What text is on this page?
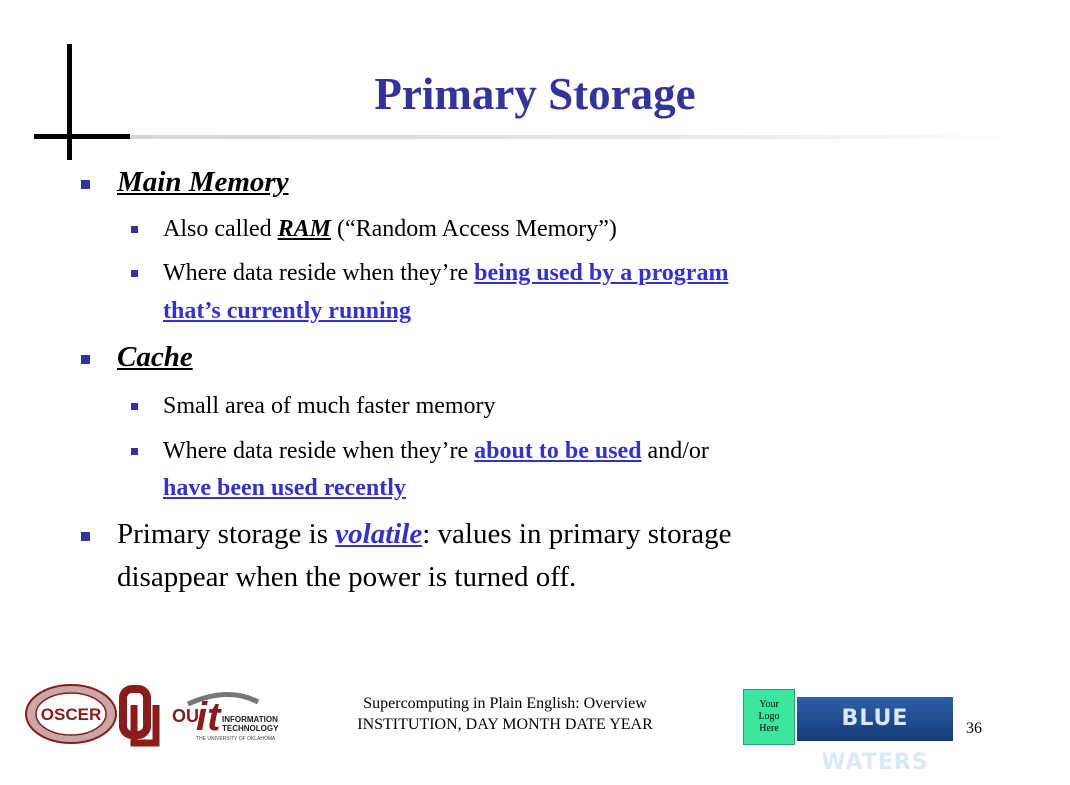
Primary Storage
Main Memory
Also called RAM (“Random Access Memory”)
Where data reside when they’re being used by a program
that’s currently running
Cache
Small area of much faster memory
Where data reside when they’re about to be used and/or
have been used recently
Primary storage is volatile: values in primary storage
disappear when the power is turned off.
OSCER	OU
it INFORMATION
TECHNOLOGY
THE UNIVERSITY OF OKLAHOMA
Supercomputing in Plain English: Overview
INSTITUTION, DAY MONTH DATE YEAR
Your
Logo
Here	BLUE WATERS
36
